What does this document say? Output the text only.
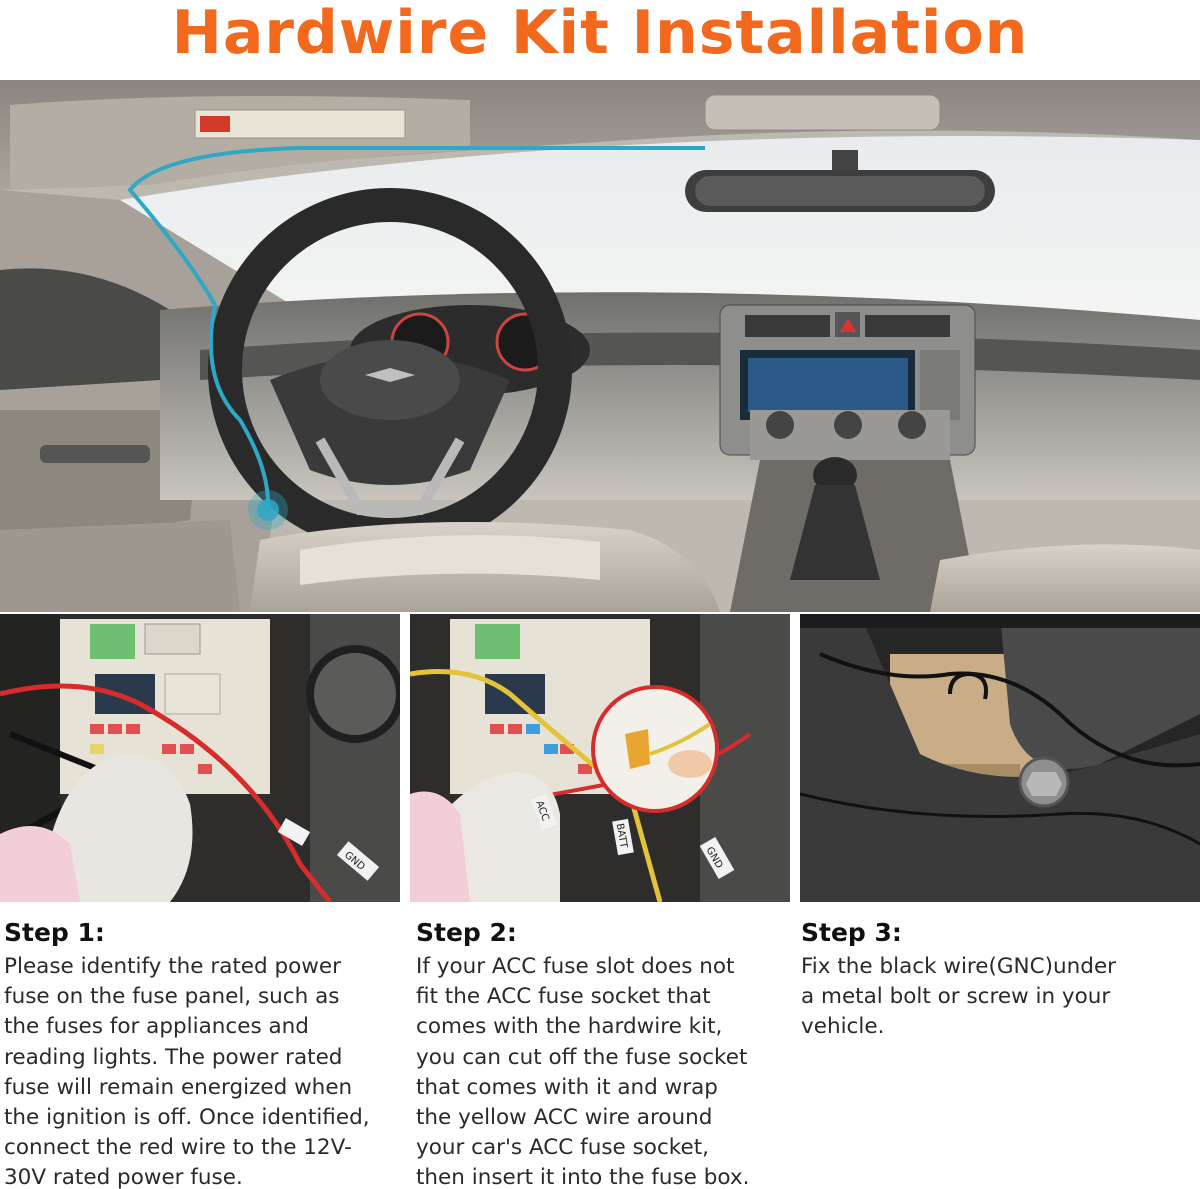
Hardwire Kit Installation
GND
ACC
BATT
GND
Step 1:

Please identify the rated power
fuse on the fuse panel, such as
the fuses for appliances and
reading lights. The power rated
fuse will remain energized when
the ignition is off. Once identified,
connect the red wire to the 12V-
30V rated power fuse.

Step 2:

If your ACC fuse slot does not
fit the ACC fuse socket that
comes with the hardwire kit,
you can cut off the fuse socket
that comes with it and wrap
the yellow ACC wire around
your car's ACC fuse socket,
then insert it into the fuse box.

Step 3:

Fix the black wire(GNC)under
a metal bolt or screw in your
vehicle.
